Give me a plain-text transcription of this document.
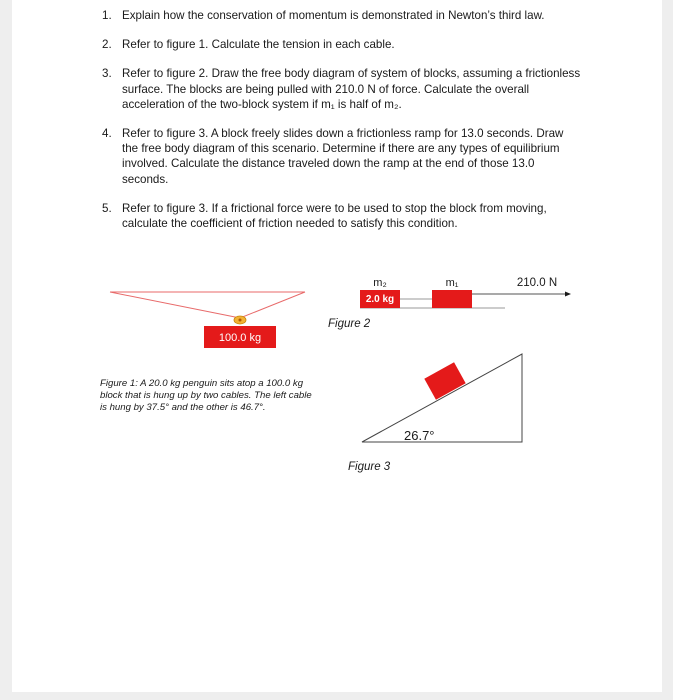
1. Explain how the conservation of momentum is demonstrated in Newton’s third law.
2. Refer to figure 1. Calculate the tension in each cable.
3. Refer to figure 2. Draw the free body diagram of system of blocks, assuming a frictionless surface. The blocks are being pulled with 210.0 N of force. Calculate the overall acceleration of the two-block system if m₁ is half of m₂.
4. Refer to figure 3. A block freely slides down a frictionless ramp for 13.0 seconds. Draw the free body diagram of this scenario. Determine if there are any types of equilibrium involved. Calculate the distance traveled down the ramp at the end of those 13.0 seconds.
5. Refer to figure 3. If a frictional force were to be used to stop the block from moving, calculate the coefficient of friction needed to satisfy this condition.
100.0 kg
Figure 1: A 20.0 kg penguin sits atop a 100.0 kg block that is hung up by two cables. The left cable is hung by 37.5° and the other is 46.7°.
m₂	m₁	210.0 N
2.0 kg
Figure 2
26.7°
Figure 3
